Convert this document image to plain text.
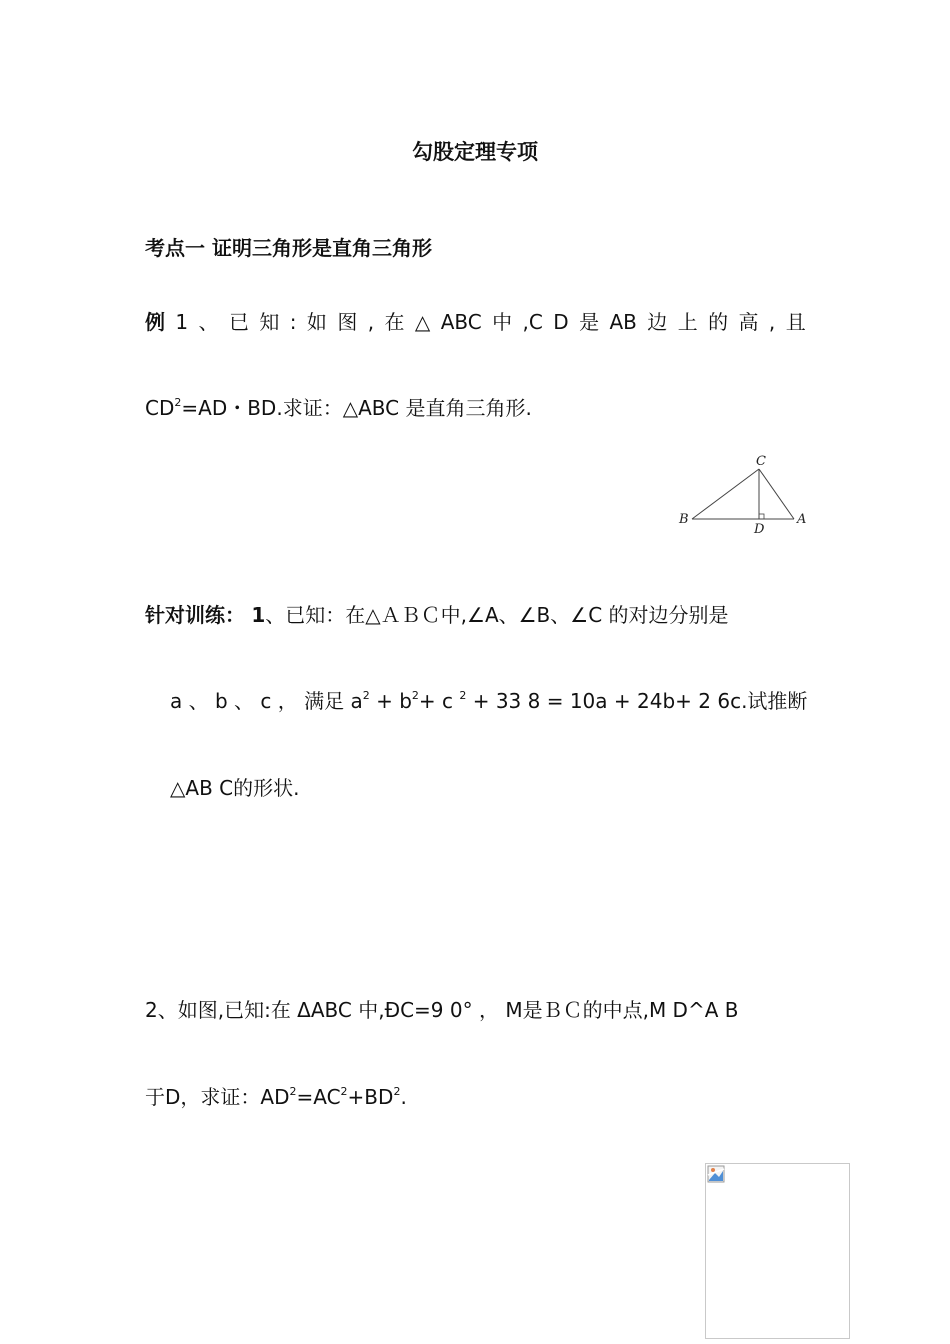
勾股定理专项
考点一 证明三角形是直角三角形
例 1 、 已 知 : 如 图 , 在 △ ABC 中 ,C D 是 AB 边 上 的 高 , 且
$CD^2=AD$・BD.求证：△ABC 是直角三角形.
C
B
D
A
针对训练： 1、已知：在△ＡＢＣ中,∠A、∠B、∠C 的对边分别是
a 、 b 、 c ， 满足 $a^2 + b^2+ c$ $^2$ + 33 8 = 10a + 24b+ 2 6c.试推断
△AB C的形状.
2、如图,已知:在 ΔABC 中,ÐC=9 0° ， M是ＢＣ的中点,M D^A B
于D，求证：$AD^2=AC^2+BD^2$.
